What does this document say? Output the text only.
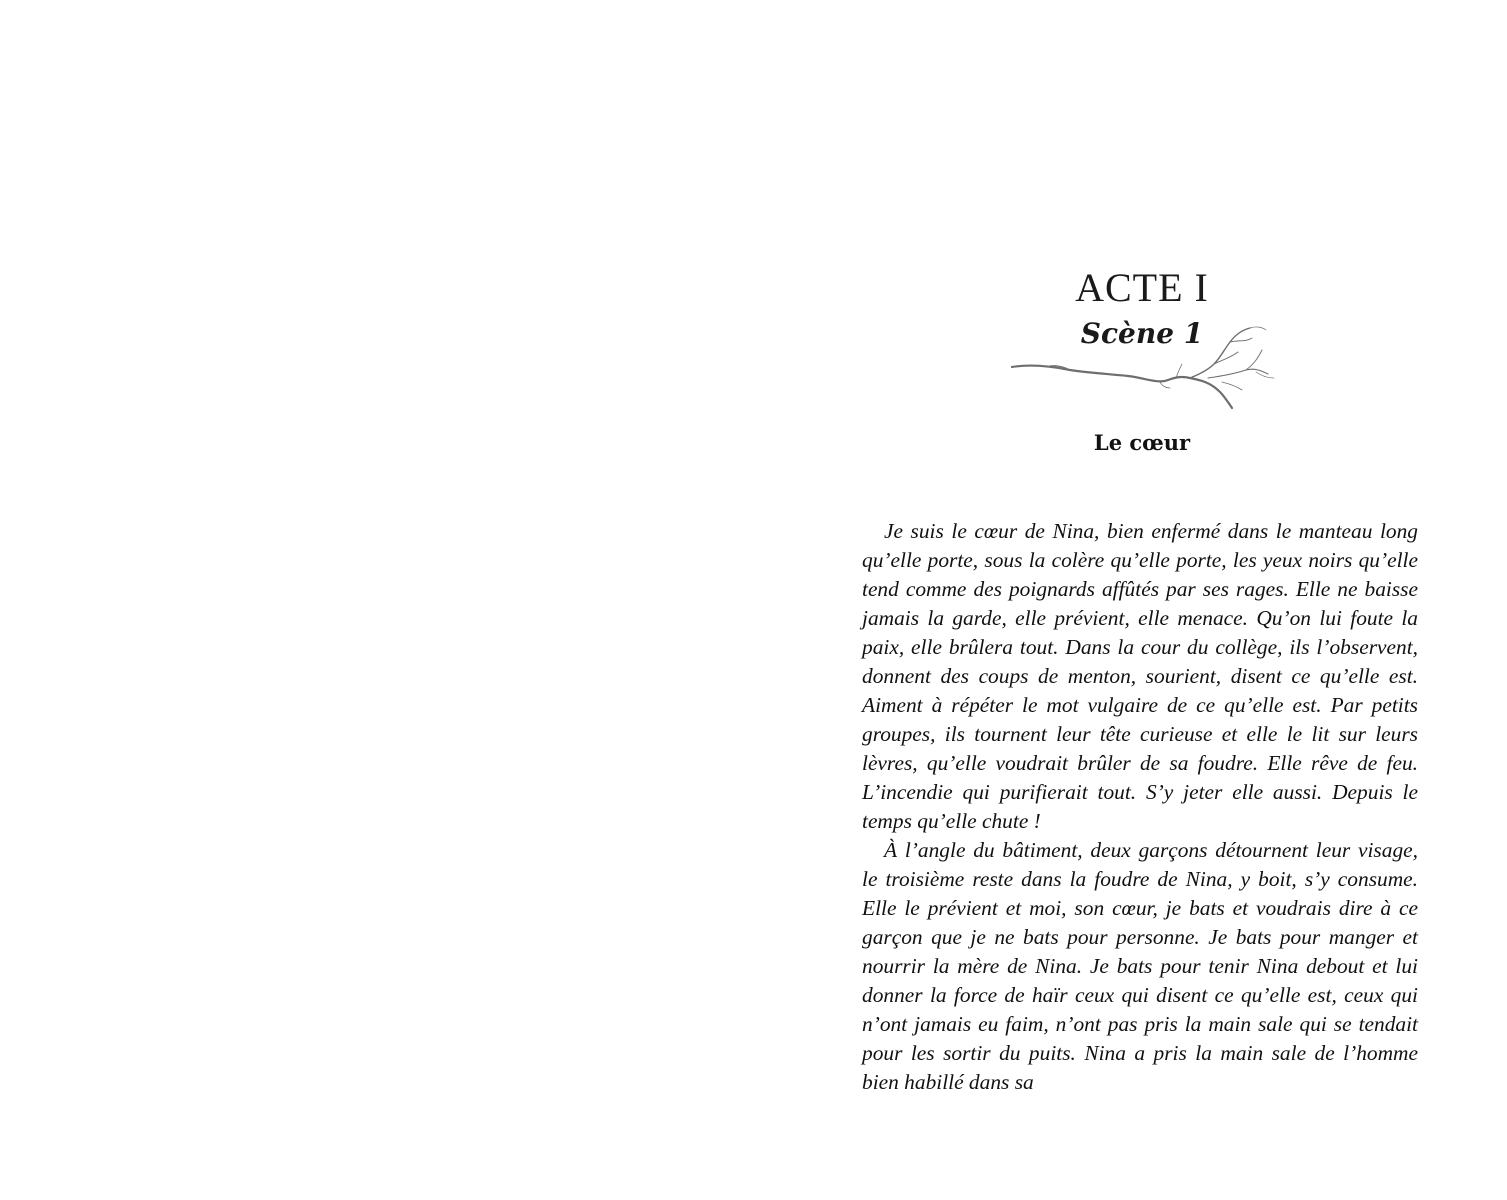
ACTE I
Scène 1
Le cœur

Je suis le cœur de Nina, bien enfermé dans le manteau long qu’elle porte, sous la colère qu’elle porte, les yeux noirs qu’elle tend comme des poignards affûtés par ses rages. Elle ne baisse jamais la garde, elle prévient, elle menace. Qu’on lui foute la paix, elle brûlera tout. Dans la cour du collège, ils l’observent, donnent des coups de menton, sourient, disent ce qu’elle est. Aiment à répéter le mot vulgaire de ce qu’elle est. Par petits groupes, ils tournent leur tête curieuse et elle le lit sur leurs lèvres, qu’elle voudrait brûler de sa foudre. Elle rêve de feu. L’incendie qui purifierait tout. S’y jeter elle aussi. Depuis le temps qu’elle chute !

À l’angle du bâtiment, deux garçons détournent leur visage, le troisième reste dans la foudre de Nina, y boit, s’y consume. Elle le prévient et moi, son cœur, je bats et voudrais dire à ce garçon que je ne bats pour personne. Je bats pour manger et nourrir la mère de Nina. Je bats pour tenir Nina debout et lui donner la force de haïr ceux qui disent ce qu’elle est, ceux qui n’ont jamais eu faim, n’ont pas pris la main sale qui se tendait pour les sortir du puits. Nina a pris la main sale de l’homme bien habillé dans sa
